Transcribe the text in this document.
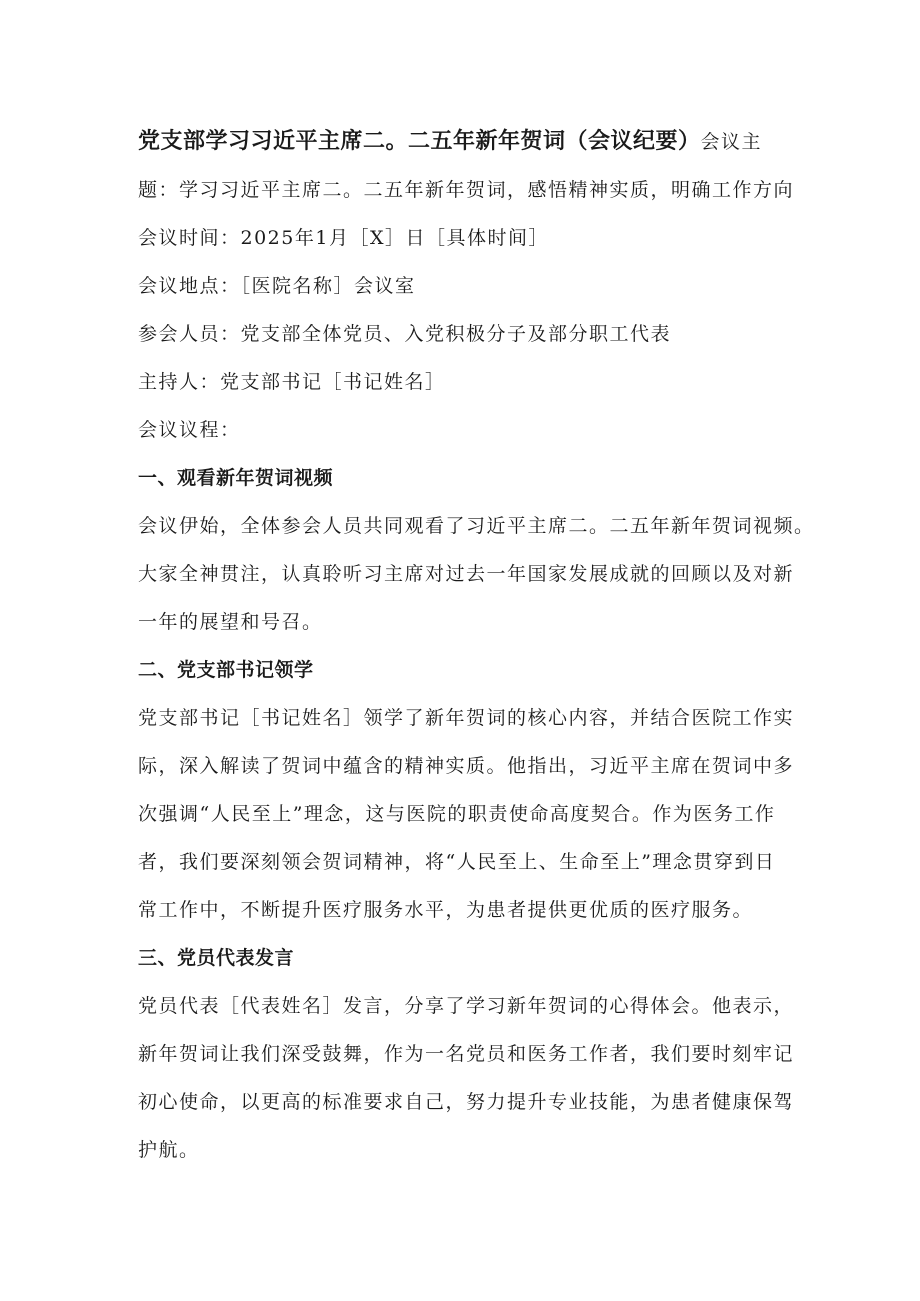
党支部学习习近平主席二。二五年新年贺词（会议纪要）会议主
题：学习习近平主席二。二五年新年贺词，感悟精神实质，明确工作方向
会议时间：2025年1月［X］日［具体时间］
会议地点：［医院名称］会议室
参会人员：党支部全体党员、入党积极分子及部分职工代表
主持人：党支部书记［书记姓名］
会议议程：
一、观看新年贺词视频
会议伊始，全体参会人员共同观看了习近平主席二。二五年新年贺词视频。
大家全神贯注，认真聆听习主席对过去一年国家发展成就的回顾以及对新
一年的展望和号召。
二、党支部书记领学
党支部书记［书记姓名］领学了新年贺词的核心内容，并结合医院工作实
际，深入解读了贺词中蕴含的精神实质。他指出，习近平主席在贺词中多
次强调“人民至上”理念，这与医院的职责使命高度契合。作为医务工作
者，我们要深刻领会贺词精神，将“人民至上、生命至上”理念贯穿到日
常工作中，不断提升医疗服务水平，为患者提供更优质的医疗服务。
三、党员代表发言
党员代表［代表姓名］发言，分享了学习新年贺词的心得体会。他表示，
新年贺词让我们深受鼓舞，作为一名党员和医务工作者，我们要时刻牢记
初心使命，以更高的标准要求自己，努力提升专业技能，为患者健康保驾
护航。
